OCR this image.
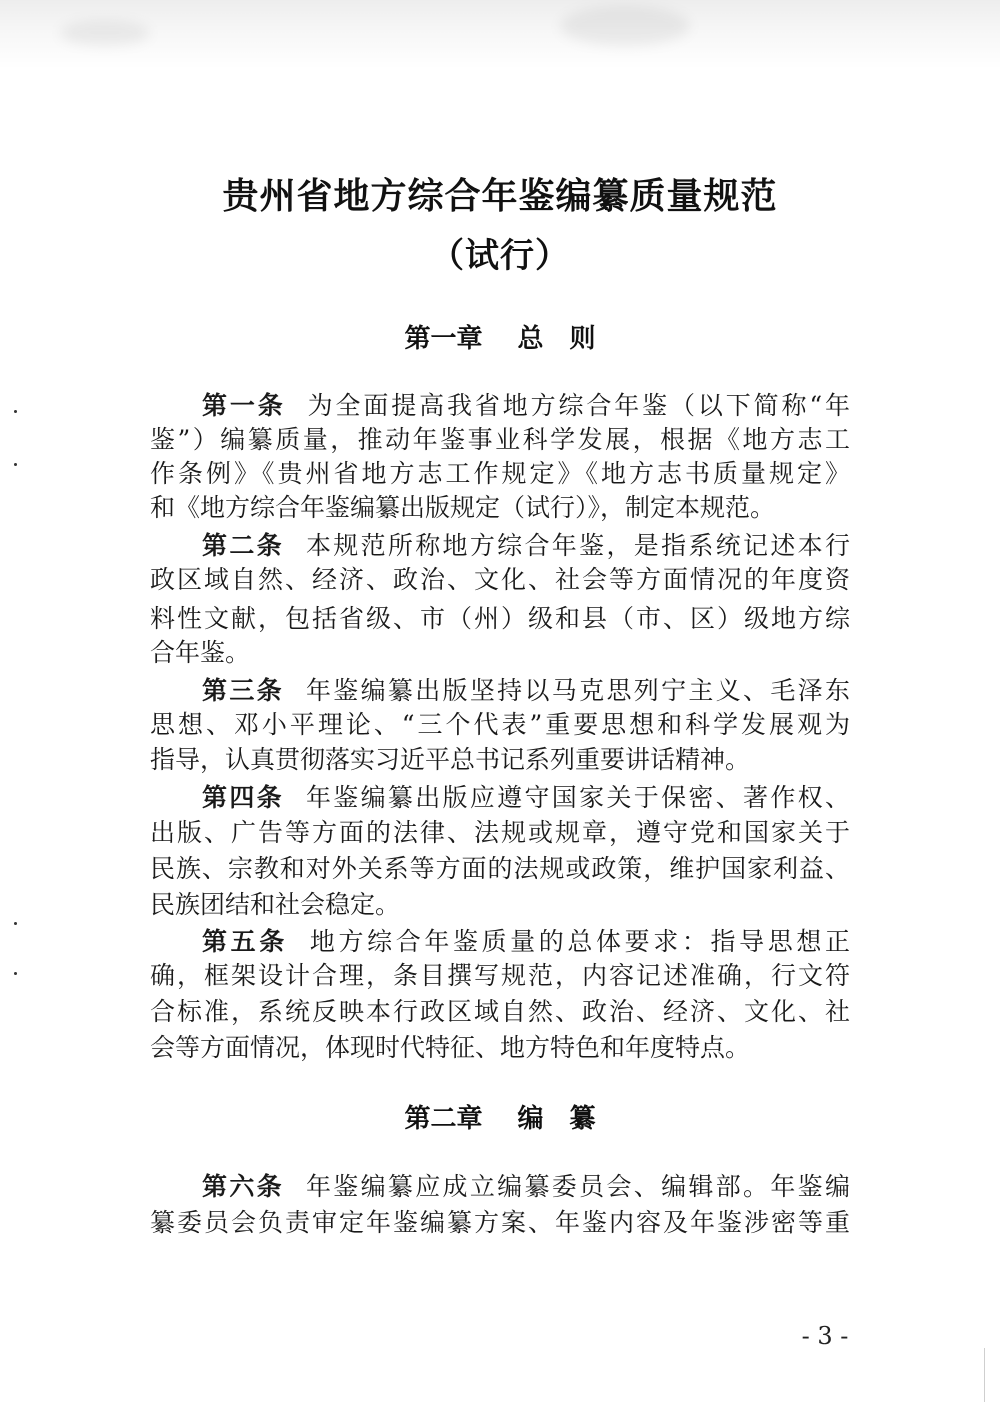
贵州省地方综合年鉴编纂质量规范
（试行）
第一章　 总　则
第一条 为全面提高我省地方综合年鉴（以下简称“年
鉴”）编纂质量，推动年鉴事业科学发展，根据《地方志工
作条例》《贵州省地方志工作规定》《地方志书质量规定》
和《地方综合年鉴编纂出版规定（试行）》，制定本规范。
第二条 本规范所称地方综合年鉴，是指系统记述本行
政区域自然、经济、政治、文化、社会等方面情况的年度资
料性文献，包括省级、市（州）级和县（市、区）级地方综
合年鉴。
第三条 年鉴编纂出版坚持以马克思列宁主义、毛泽东
思想、邓小平理论、“三个代表”重要思想和科学发展观为
指导，认真贯彻落实习近平总书记系列重要讲话精神。
第四条 年鉴编纂出版应遵守国家关于保密、著作权、
出版、广告等方面的法律、法规或规章，遵守党和国家关于
民族、宗教和对外关系等方面的法规或政策，维护国家利益、
民族团结和社会稳定。
第五条 地方综合年鉴质量的总体要求：指导思想正
确，框架设计合理，条目撰写规范，内容记述准确，行文符
合标准，系统反映本行政区域自然、政治、经济、文化、社
会等方面情况，体现时代特征、地方特色和年度特点。
第二章　 编　纂
第六条 年鉴编纂应成立编纂委员会、编辑部。年鉴编
纂委员会负责审定年鉴编纂方案、年鉴内容及年鉴涉密等重
- 3 -
